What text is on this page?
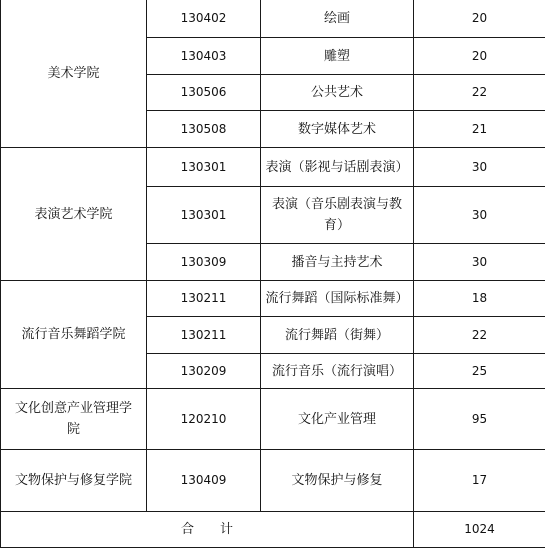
美术学院	130402	绘画	20
	130403	雕塑	20
	130506	公共艺术	22
	130508	数字媒体艺术	21
表演艺术学院	130301	表演（影视与话剧表演）	30
	130301	表演（音乐剧表演与教育）	30
	130309	播音与主持艺术	30
流行音乐舞蹈学院	130211	流行舞蹈（国际标准舞）	18
	130211	流行舞蹈（街舞）	22
	130209	流行音乐（流行演唱）	25
文化创意产业管理学院	120210	文化产业管理	95
文物保护与修复学院	130409	文物保护与修复	17
合计			1024
